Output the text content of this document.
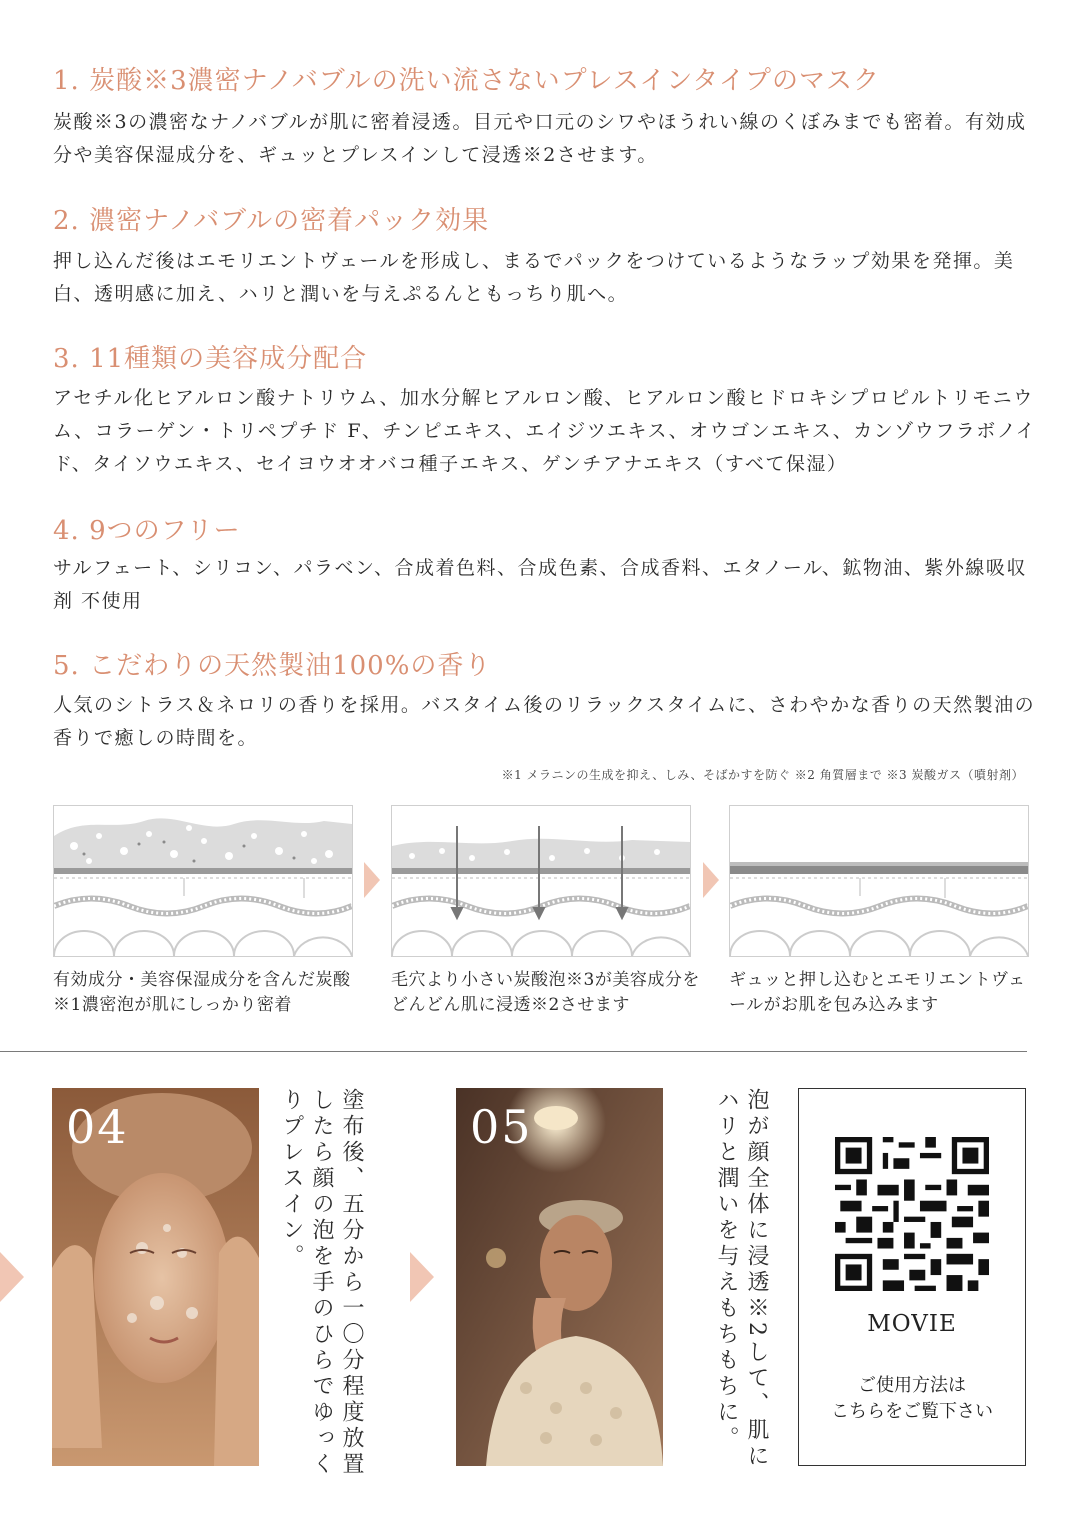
1. 炭酸※3濃密ナノバブルの洗い流さないプレスインタイプのマスク

炭酸※3の濃密なナノバブルが肌に密着浸透。目元や口元のシワやほうれい線のくぼみまでも密着。有効成分や美容保湿成分を、ギュッとプレスインして浸透※2させます。

2. 濃密ナノバブルの密着パック効果

押し込んだ後はエモリエントヴェールを形成し、まるでパックをつけているようなラップ効果を発揮。美白、透明感に加え、ハリと潤いを与えぷるんともっちり肌へ。

3. 11種類の美容成分配合

アセチル化ヒアルロン酸ナトリウム、加水分解ヒアルロン酸、ヒアルロン酸ヒドロキシプロピルトリモニウム、コラーゲン・トリペプチド F、チンピエキス、エイジツエキス、オウゴンエキス、カンゾウフラボノイド、タイソウエキス、セイヨウオオバコ種子エキス、ゲンチアナエキス（すべて保湿）

4. 9つのフリー

サルフェート、シリコン、パラベン、合成着色料、合成色素、合成香料、エタノール、鉱物油、紫外線吸収剤 不使用

5. こだわりの天然製油100%の香り

人気のシトラス＆ネロリの香りを採用。バスタイム後のリラックスタイムに、さわやかな香りの天然製油の香りで癒しの時間を。

※1 メラニンの生成を抑え、しみ、そばかすを防ぐ ※2 角質層まで ※3 炭酸ガス（噴射剤）

有効成分・美容保湿成分を含んだ炭酸※1濃密泡が肌にしっかり密着

毛穴より小さい炭酸泡※3が美容成分をどんどん肌に浸透※2させます

ギュッと押し込むとエモリエントヴェールがお肌を包み込みます

04	塗布後、五分から一〇分程度放置したら顔の泡を手のひらでゆっくりプレスイン。	05	泡が顔全体に浸透※2して、肌にハリと潤いを与えもちもちに。	MOVIE
ご使用方法は
こちらをご覧下さい
